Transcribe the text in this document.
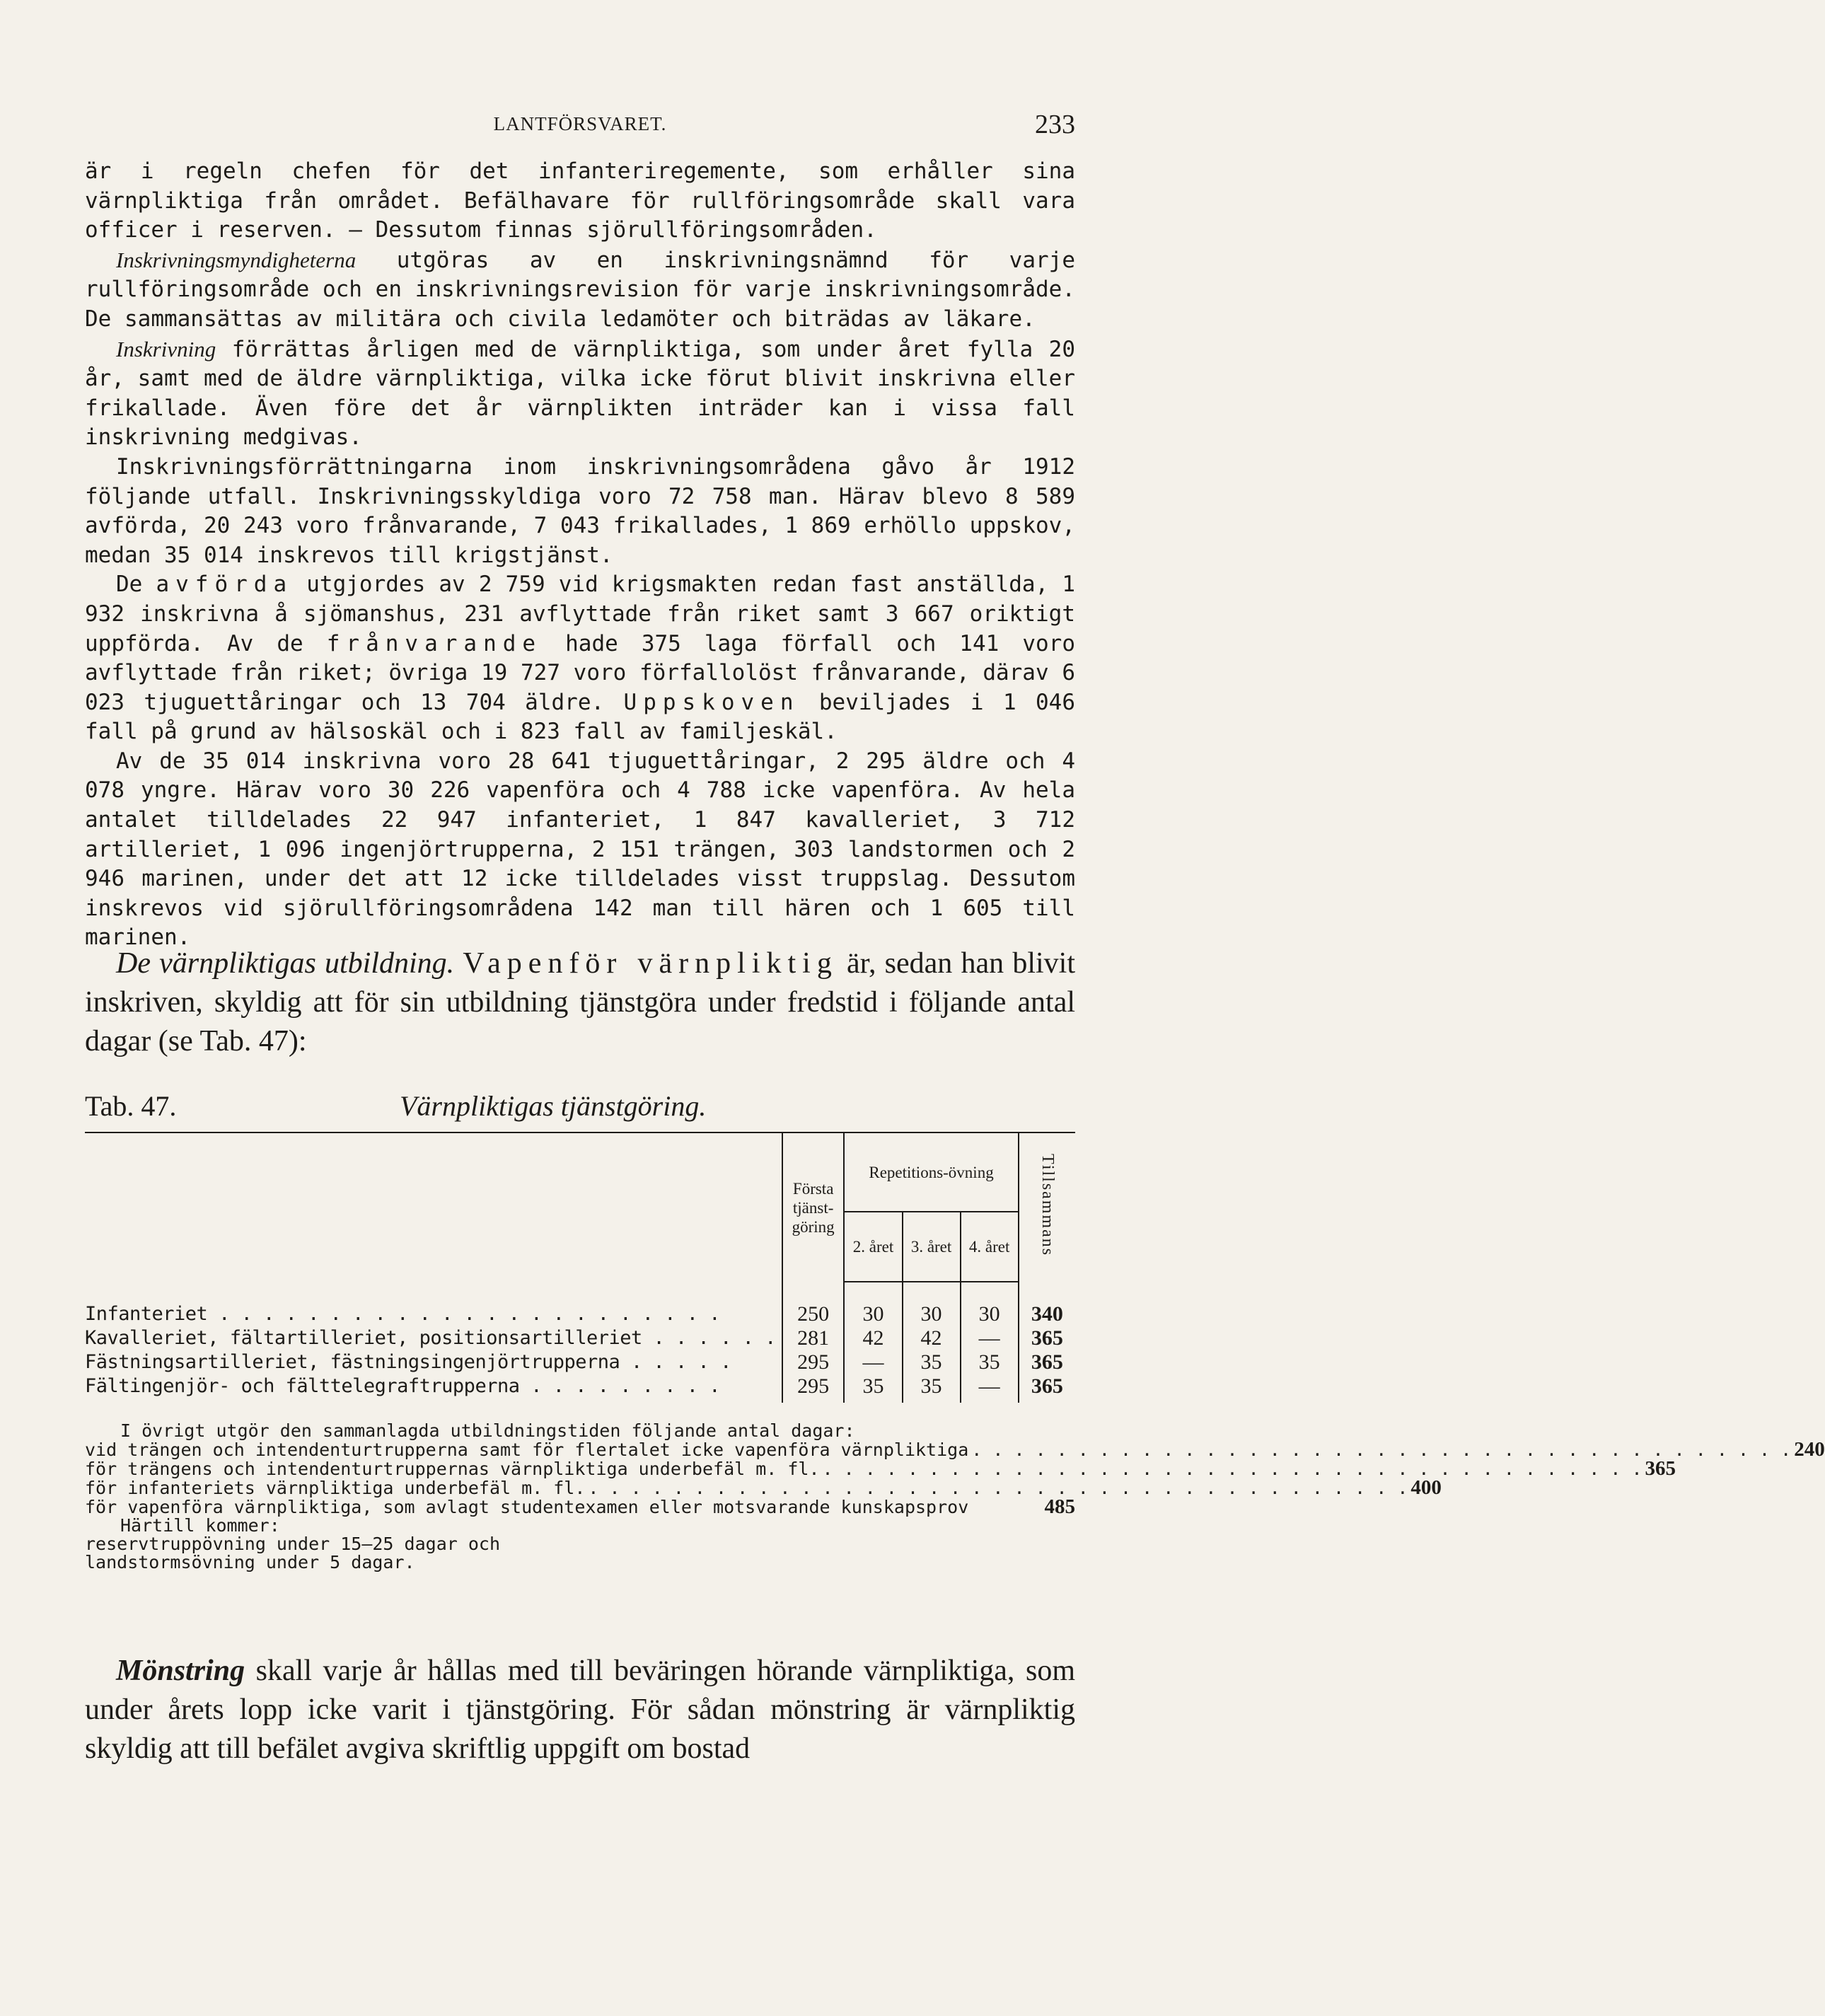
LANTFÖRSVARET.	233

är i regeln chefen för det infanteriregemente, som erhåller sina värnpliktiga från området. Befälhavare för rullföringsområde skall vara officer i reserven. — Dessutom finnas sjörullföringsområden.

Inskrivningsmyndigheterna utgöras av en inskrivningsnämnd för varje rullföringsområde och en inskrivningsrevision för varje inskrivningsområde. De sammansättas av militära och civila ledamöter och biträdas av läkare.

Inskrivning förrättas årligen med de värnpliktiga, som under året fylla 20 år, samt med de äldre värnpliktiga, vilka icke förut blivit inskrivna eller frikallade. Även före det år värnplikten inträder kan i vissa fall inskrivning medgivas.

Inskrivningsförrättningarna inom inskrivningsområdena gåvo år 1912 följande utfall. Inskrivningsskyldiga voro 72 758 man. Härav blevo 8 589 avförda, 20 243 voro frånvarande, 7 043 frikallades, 1 869 erhöllo uppskov, medan 35 014 inskrevos till krigstjänst.

De avförda utgjordes av 2 759 vid krigsmakten redan fast anställda, 1 932 inskrivna å sjömanshus, 231 avflyttade från riket samt 3 667 oriktigt uppförda. Av de frånvarande hade 375 laga förfall och 141 voro avflyttade från riket; övriga 19 727 voro förfallolöst frånvarande, därav 6 023 tjuguettåringar och 13 704 äldre. Uppskoven beviljades i 1 046 fall på grund av hälsoskäl och i 823 fall av familjeskäl.

Av de 35 014 inskrivna voro 28 641 tjuguettåringar, 2 295 äldre och 4 078 yngre. Härav voro 30 226 vapenföra och 4 788 icke vapenföra. Av hela antalet tilldelades 22 947 infanteriet, 1 847 kavalleriet, 3 712 artilleriet, 1 096 ingenjörtrupperna, 2 151 trängen, 303 landstormen och 2 946 marinen, under det att 12 icke tilldelades visst truppslag. Dessutom inskrevos vid sjörullföringsområdena 142 man till hären och 1 605 till marinen.

De värnpliktigas utbildning. Vapenför värnpliktig är, sedan han blivit inskriven, skyldig att för sin utbildning tjänstgöra under fredstid i följande antal dagar (se Tab. 47):

Tab. 47.	Värnpliktigas tjänstgöring.
	Första tjänst-göring	Repetitions-övning			Tillsammans
		2. året	3. året	4. året	
Infanteriet . . . . . . . . . . . . . . . . . . . . . . .	250	30	30	30	340
Kavalleriet, fältartilleriet, positionsartilleriet . . . . . .	281	42	42	—	365
Fästningsartilleriet, fästningsingenjörtrupperna . . . . .	295	—	35	35	365
Fältingenjör- och fälttelegraftrupperna . . . . . . . . .	295	35	35	—	365
I övrigt utgör den sammanlagda utbildningstiden följande antal dagar:
vid trängen och intendenturtrupperna samt för flertalet icke vapenföra värnpliktiga . . . . . . . . . . . . . . . . . . . . . . . . . . . . . . . . . . . . . . . 240
för trängens och intendenturtruppernas värnpliktiga underbefäl m. fl. . . . . . . . . . . . . . . . . . . . . . . . . . . . . . . . . . . . . . . . 365
för infanteriets värnpliktiga underbefäl m. fl. . . . . . . . . . . . . . . . . . . . . . . . . . . . . . . . . . . . . . . . 400
för vapenföra värnpliktiga, som avlagt studentexamen eller motsvarande kunskapsprov	485
Härtill kommer:
reservtruppövning under 15—25 dagar och
landstormsövning under 5 dagar.

Mönstring skall varje år hållas med till beväringen hörande värnpliktiga, som under årets lopp icke varit i tjänstgöring. För sådan mönstring är värnpliktig skyldig att till befälet avgiva skriftlig uppgift om bostad
